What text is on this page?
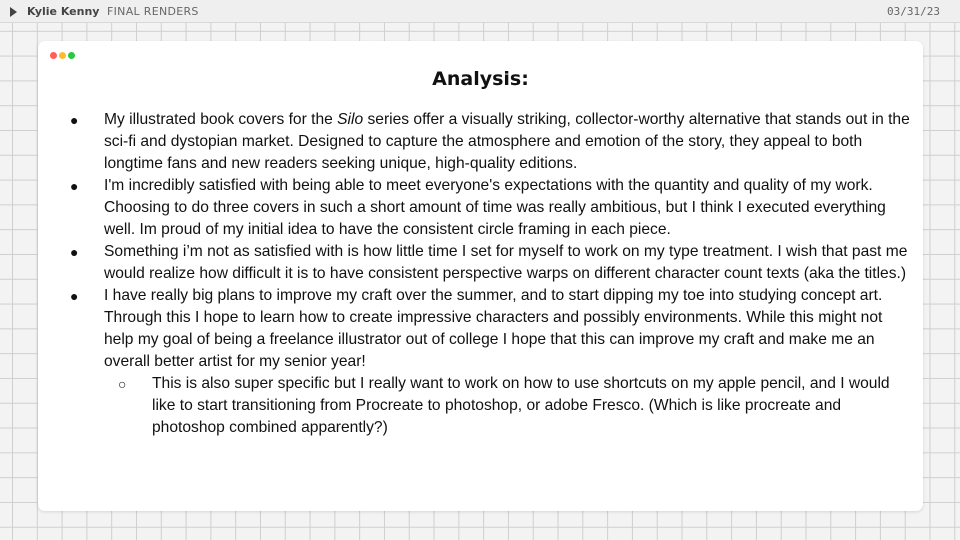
Kylie Kenny FINAL RENDERS	03/31/23
Analysis:

● My illustrated book covers for the Silo series offer a visually striking, collector-worthy alternative that stands out in the sci-fi and dystopian market. Designed to capture the atmosphere and emotion of the story, they appeal to both longtime fans and new readers seeking unique, high-quality editions.

● I'm incredibly satisfied with being able to meet everyone's expectations with the quantity and quality of my work. Choosing to do three covers in such a short amount of time was really ambitious, but I think I executed everything well. Im proud of my initial idea to have the consistent circle framing in each piece.

● Something i’m not as satisfied with is how little time I set for myself to work on my type treatment. I wish that past me would realize how difficult it is to have consistent perspective warps on different character count texts (aka the titles.)

● I have really big plans to improve my craft over the summer, and to start dipping my toe into studying concept art. Through this I hope to learn how to create impressive characters and possibly environments. While this might not help my goal of being a freelance illustrator out of college I hope that this can improve my craft and make me an overall better artist for my senior year!

○ This is also super specific but I really want to work on how to use shortcuts on my apple pencil, and I would like to start transitioning from Procreate to photoshop, or adobe Fresco. (Which is like procreate and photoshop combined apparently?)
